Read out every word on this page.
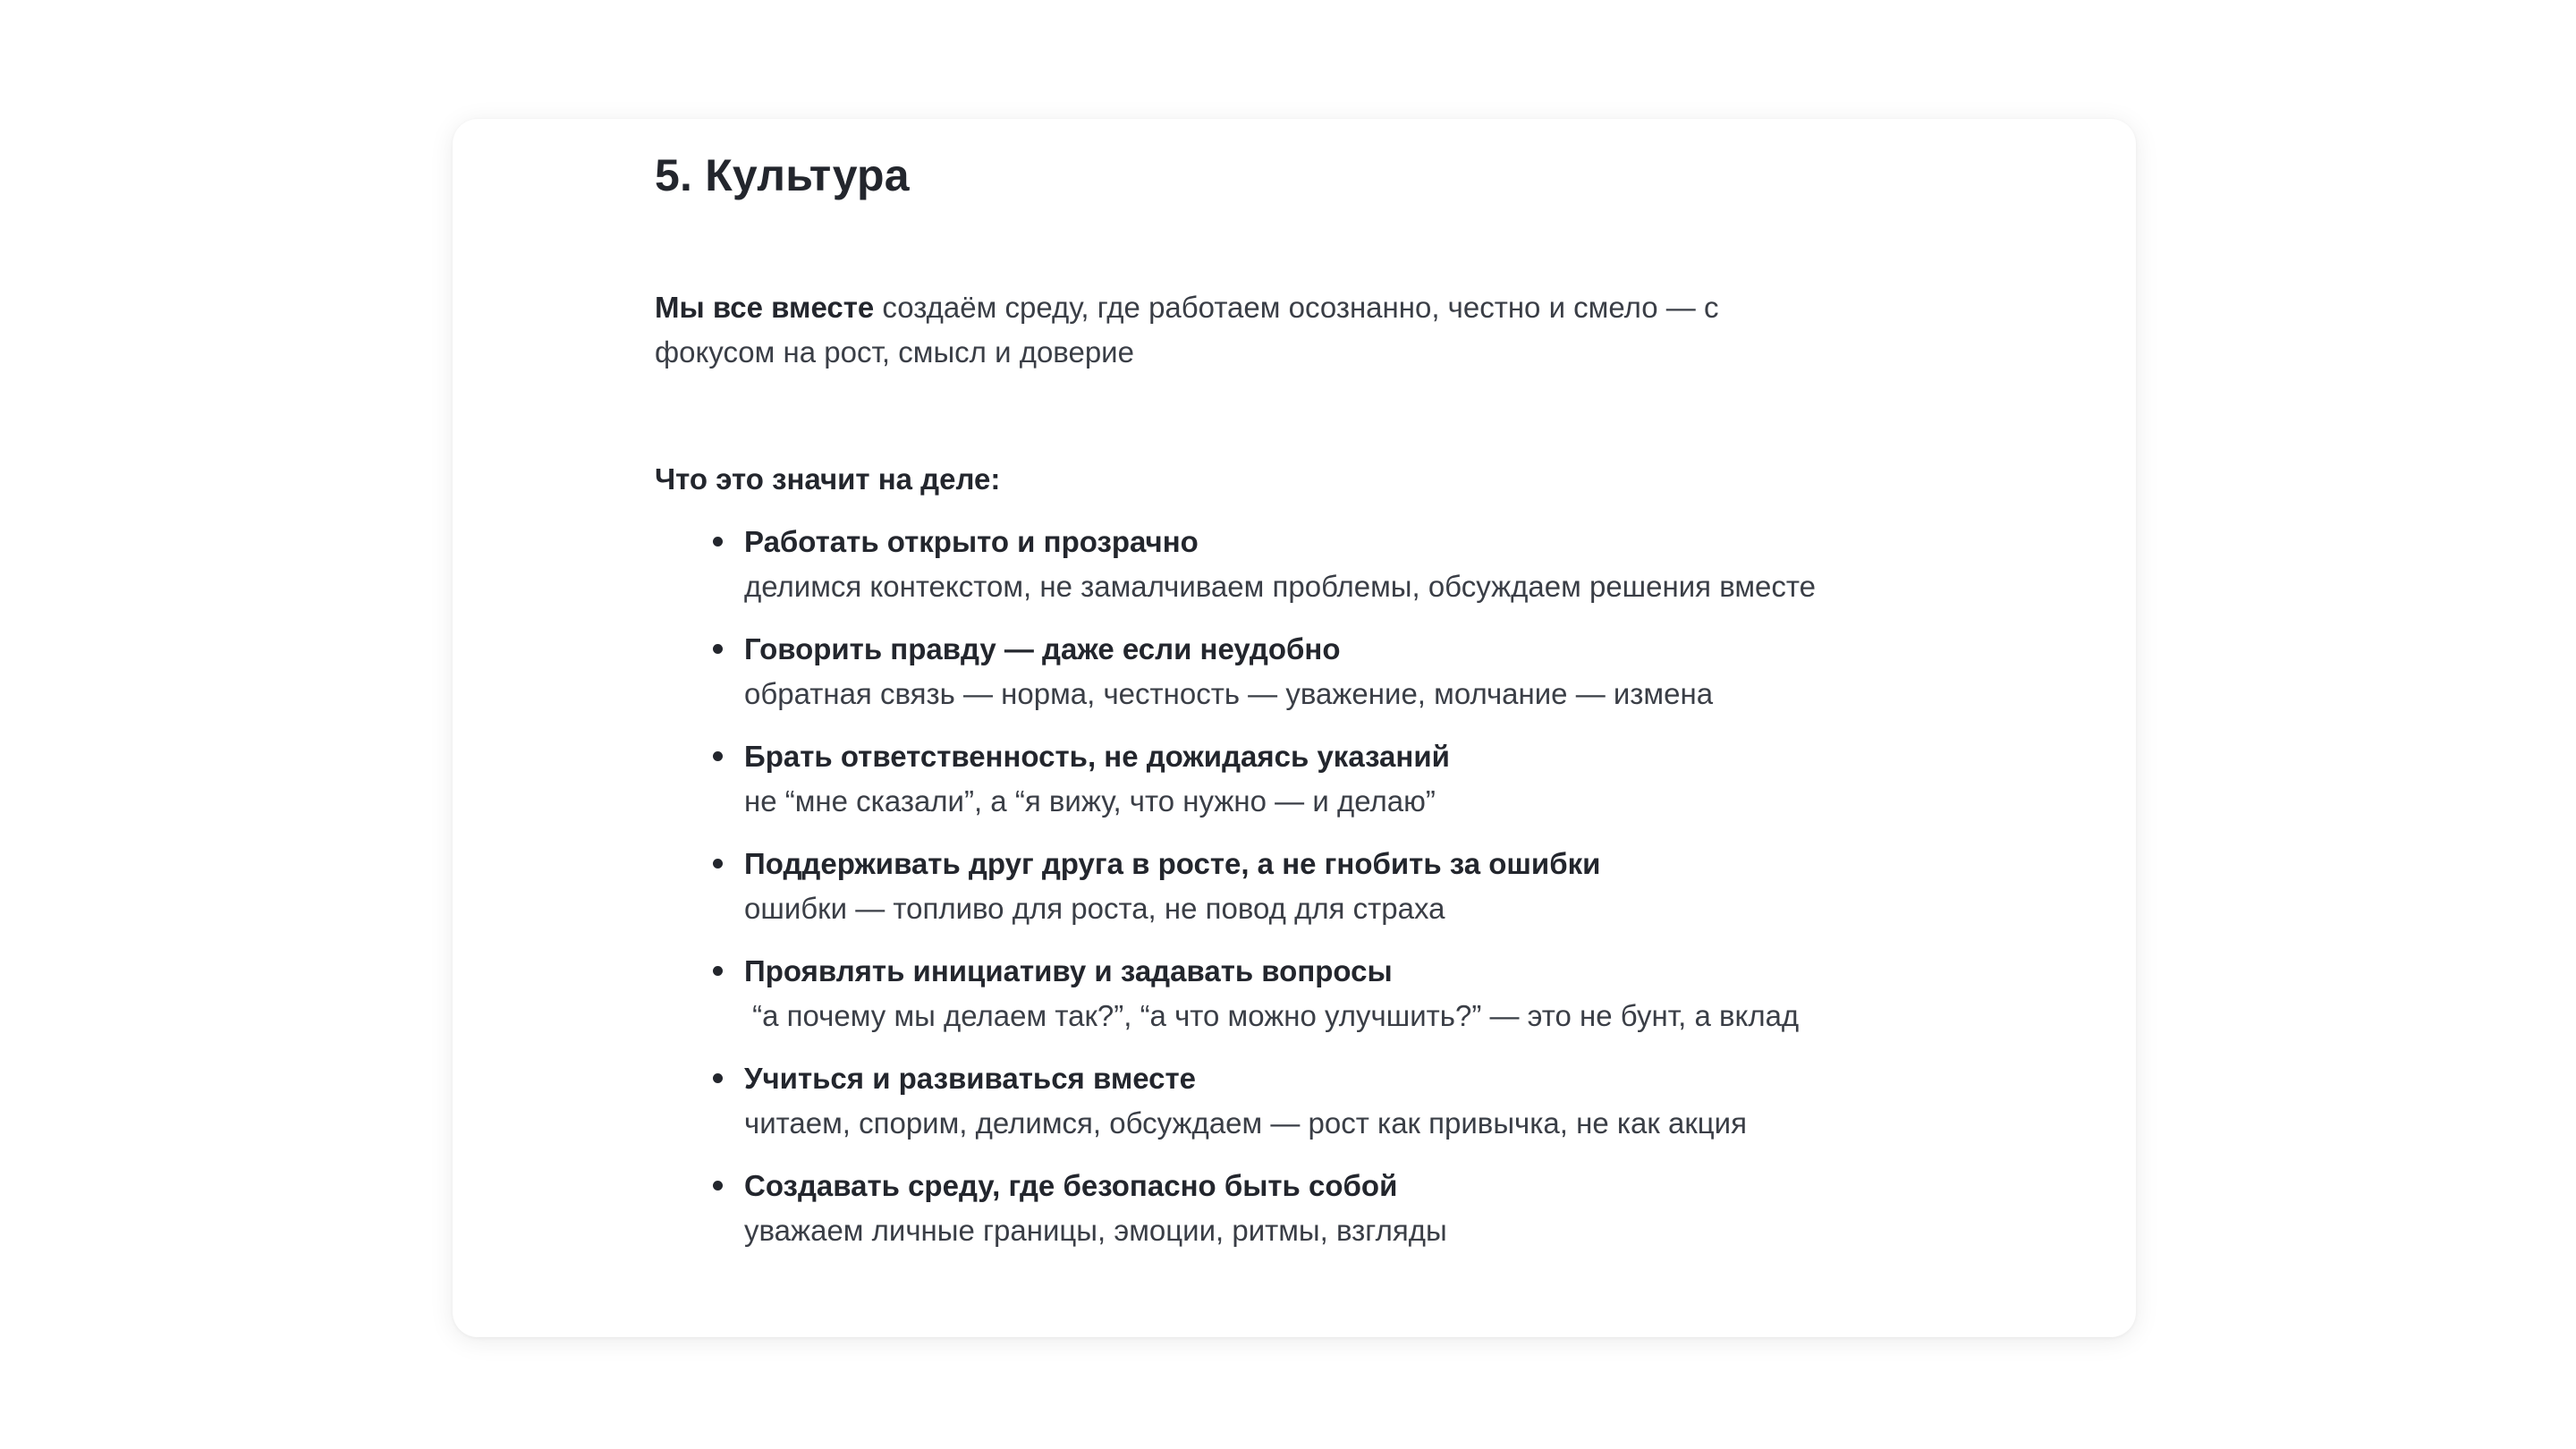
5. Культура
Мы все вместе создаём среду, где работаем осознанно, честно и смело — с фокусом на рост, смысл и доверие
Что это значит на деле:
Работать открыто и прозрачно
делимся контекстом, не замалчиваем проблемы, обсуждаем решения вместе
Говорить правду — даже если неудобно
обратная связь — норма, честность — уважение, молчание — измена
Брать ответственность, не дожидаясь указаний
не “мне сказали”, а “я вижу, что нужно — и делаю”
Поддерживать друг друга в росте, а не гнобить за ошибки
ошибки — топливо для роста, не повод для страха
Проявлять инициативу и задавать вопросы
“а почему мы делаем так?”, “а что можно улучшить?” — это не бунт, а вклад
Учиться и развиваться вместе
читаем, спорим, делимся, обсуждаем — рост как привычка, не как акция
Создавать среду, где безопасно быть собой
уважаем личные границы, эмоции, ритмы, взгляды
